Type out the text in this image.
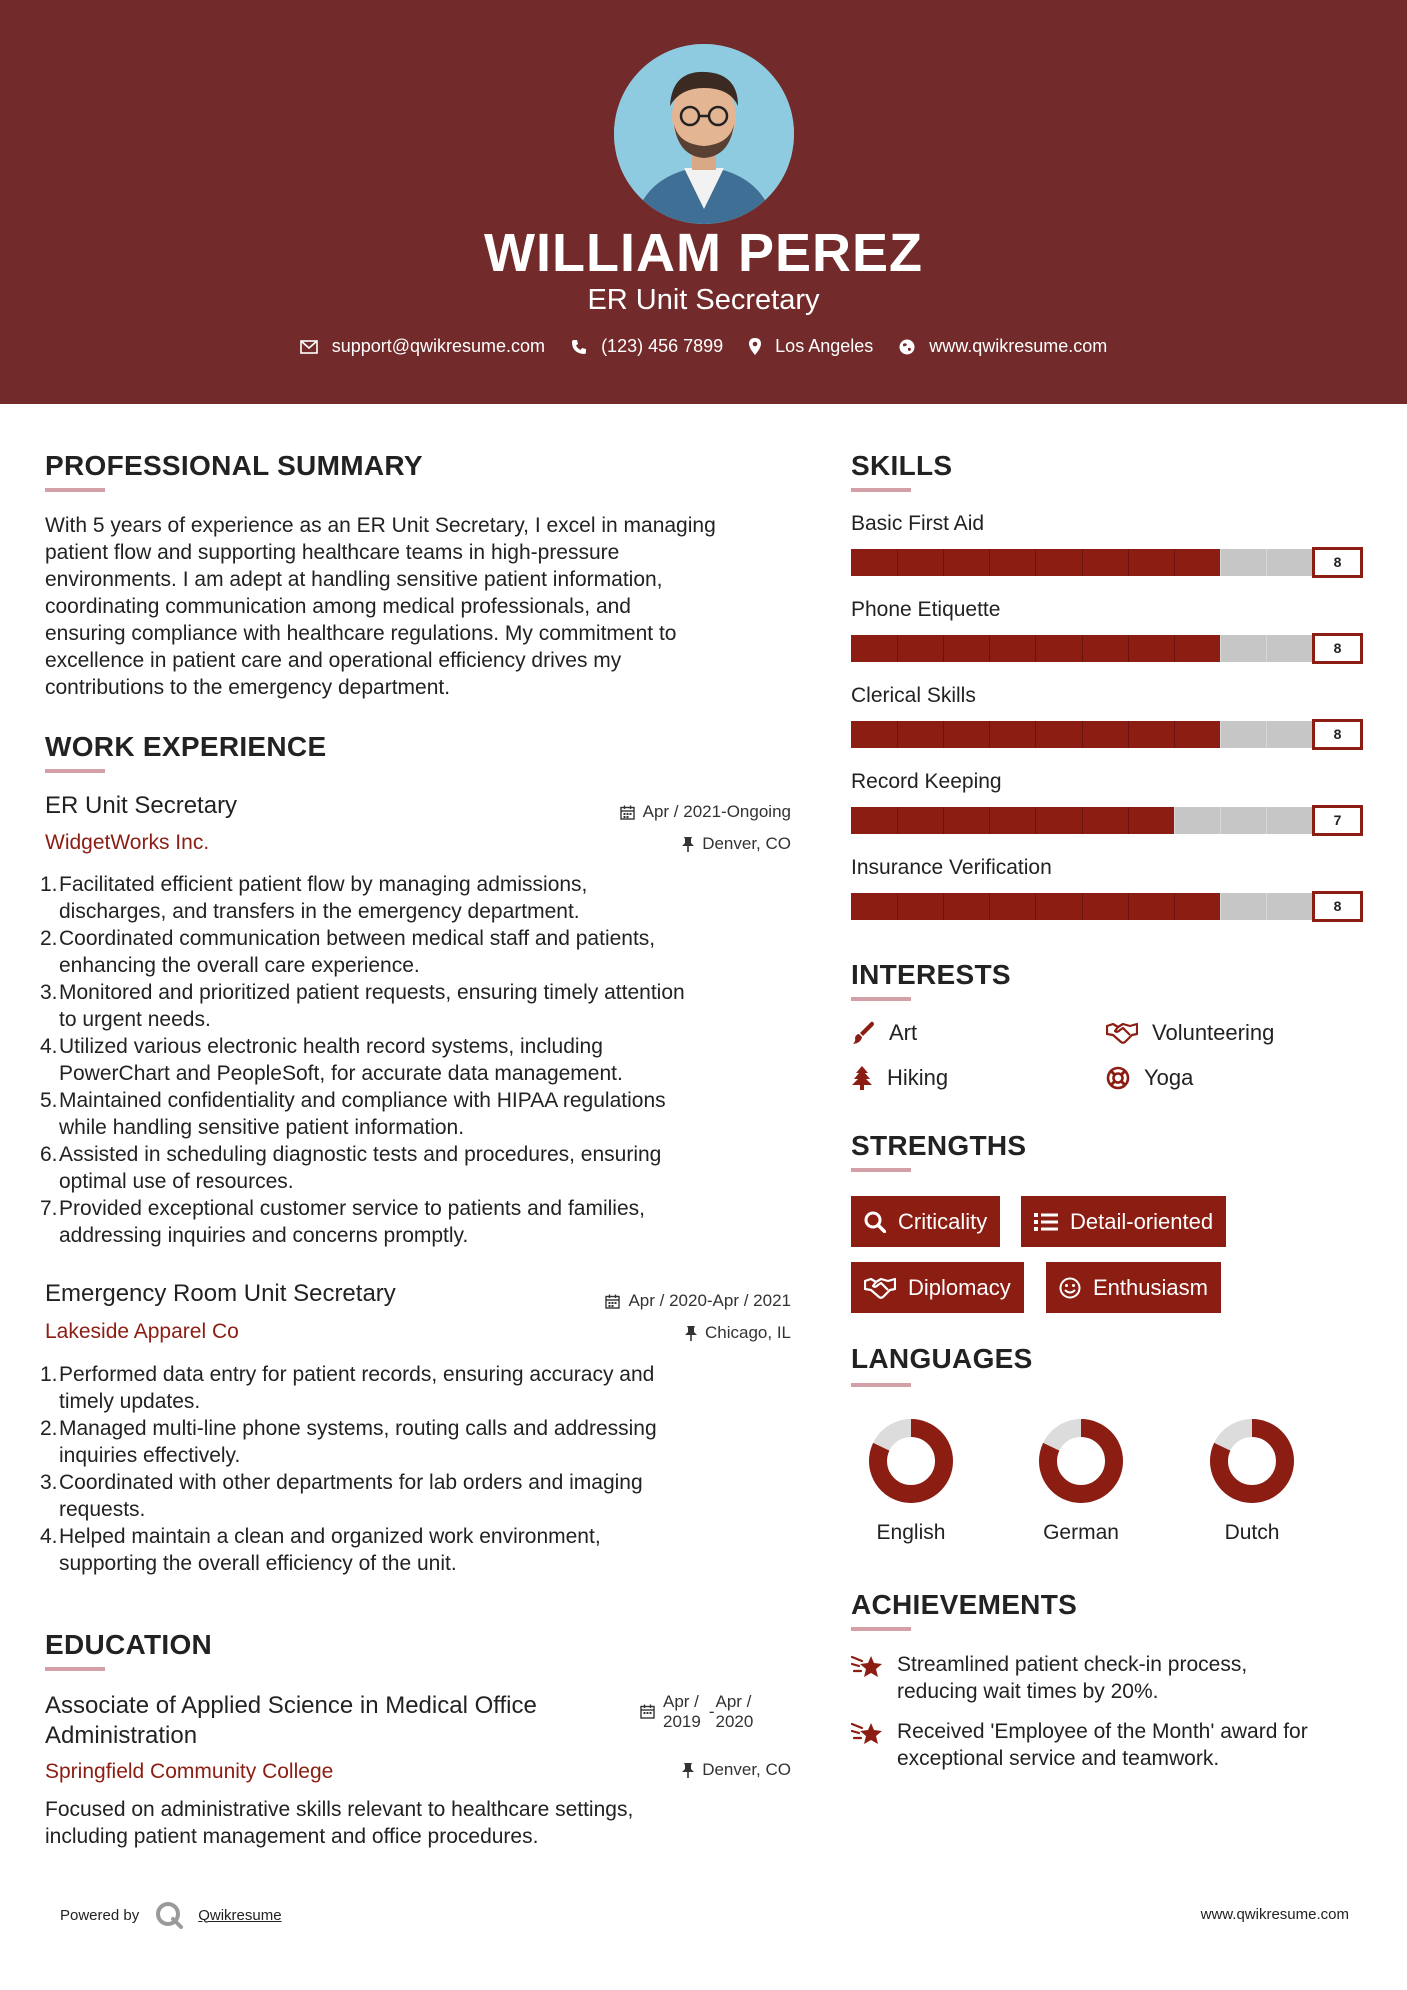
WILLIAM PEREZ
ER Unit Secretary
support@qwikresume.com	(123) 456 7899	Los Angeles	www.qwikresume.com
PROFESSIONAL SUMMARY
With 5 years of experience as an ER Unit Secretary, I excel in managing
patient flow and supporting healthcare teams in high-pressure
environments. I am adept at handling sensitive patient information,
coordinating communication among medical professionals, and
ensuring compliance with healthcare regulations. My commitment to
excellence in patient care and operational efficiency drives my
contributions to the emergency department.
WORK EXPERIENCE
ER Unit Secretary	Apr / 2021-Ongoing
WidgetWorks Inc.	Denver, CO
1. Facilitated efficient patient flow by managing admissions,
discharges, and transfers in the emergency department.
2. Coordinated communication between medical staff and patients,
enhancing the overall care experience.
3. Monitored and prioritized patient requests, ensuring timely attention
to urgent needs.
4. Utilized various electronic health record systems, including
PowerChart and PeopleSoft, for accurate data management.
5. Maintained confidentiality and compliance with HIPAA regulations
while handling sensitive patient information.
6. Assisted in scheduling diagnostic tests and procedures, ensuring
optimal use of resources.
7. Provided exceptional customer service to patients and families,
addressing inquiries and concerns promptly.
Emergency Room Unit Secretary	Apr / 2020-Apr / 2021
Lakeside Apparel Co	Chicago, IL
1. Performed data entry for patient records, ensuring accuracy and
timely updates.
2. Managed multi-line phone systems, routing calls and addressing
inquiries effectively.
3. Coordinated with other departments for lab orders and imaging
requests.
4. Helped maintain a clean and organized work environment,
supporting the overall efficiency of the unit.
EDUCATION
Associate of Applied Science in Medical Office
Administration
Apr /
2019
-
Apr /
2020
Springfield Community College	Denver, CO
Focused on administrative skills relevant to healthcare settings,
including patient management and office procedures.
SKILLS
Basic First Aid
8
Phone Etiquette
8
Clerical Skills
8
Record Keeping
7
Insurance Verification
8
INTERESTS
Art	Volunteering
Hiking	Yoga
STRENGTHS
Criticality	Detail-oriented
Diplomacy	Enthusiasm
LANGUAGES
English	German	Dutch
ACHIEVEMENTS
Streamlined patient check-in process,
reducing wait times by 20%.
Received 'Employee of the Month' award for
exceptional service and teamwork.
Powered by	Qwikresume	www.qwikresume.com
